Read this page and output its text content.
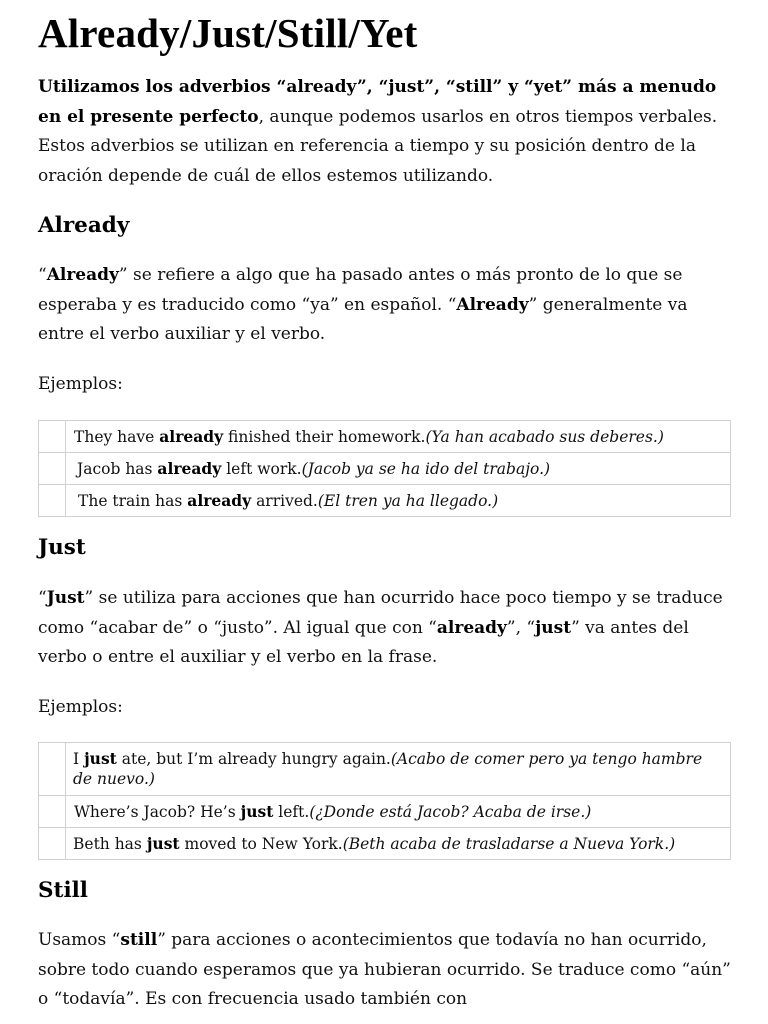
Already/Just/Still/Yet

Utilizamos los adverbios “already”, “just”, “still” y “yet” más a menudo en el presente perfecto, aunque podemos usarlos en otros tiempos verbales. Estos adverbios se utilizan en referencia a tiempo y su posición dentro de la oración depende de cuál de ellos estemos utilizando.

Already

“Already” se refiere a algo que ha pasado antes o más pronto de lo que se esperaba y es traducido como “ya” en español. “Already” generalmente va entre el verbo auxiliar y el verbo.

Ejemplos:

	They have already finished their homework.(Ya han acabado sus deberes.)
	Jacob has already left work.(Jacob ya se ha ido del trabajo.)
	The train has already arrived.(El tren ya ha llegado.)
Just

“Just” se utiliza para acciones que han ocurrido hace poco tiempo y se traduce como “acabar de” o “justo”. Al igual que con “already”, “just” va antes del verbo o entre el auxiliar y el verbo en la frase.

Ejemplos:

	I just ate, but I’m already hungry again.(Acabo de comer pero ya tengo hambre de nuevo.)
	Where’s Jacob? He’s just left.(¿Donde está Jacob? Acaba de irse.)
	Beth has just moved to New York.(Beth acaba de trasladarse a Nueva York.)
Still

Usamos “still” para acciones o acontecimientos que todavía no han ocurrido, sobre todo cuando esperamos que ya hubieran ocurrido. Se traduce como “aún” o “todavía”. Es con frecuencia usado también con
